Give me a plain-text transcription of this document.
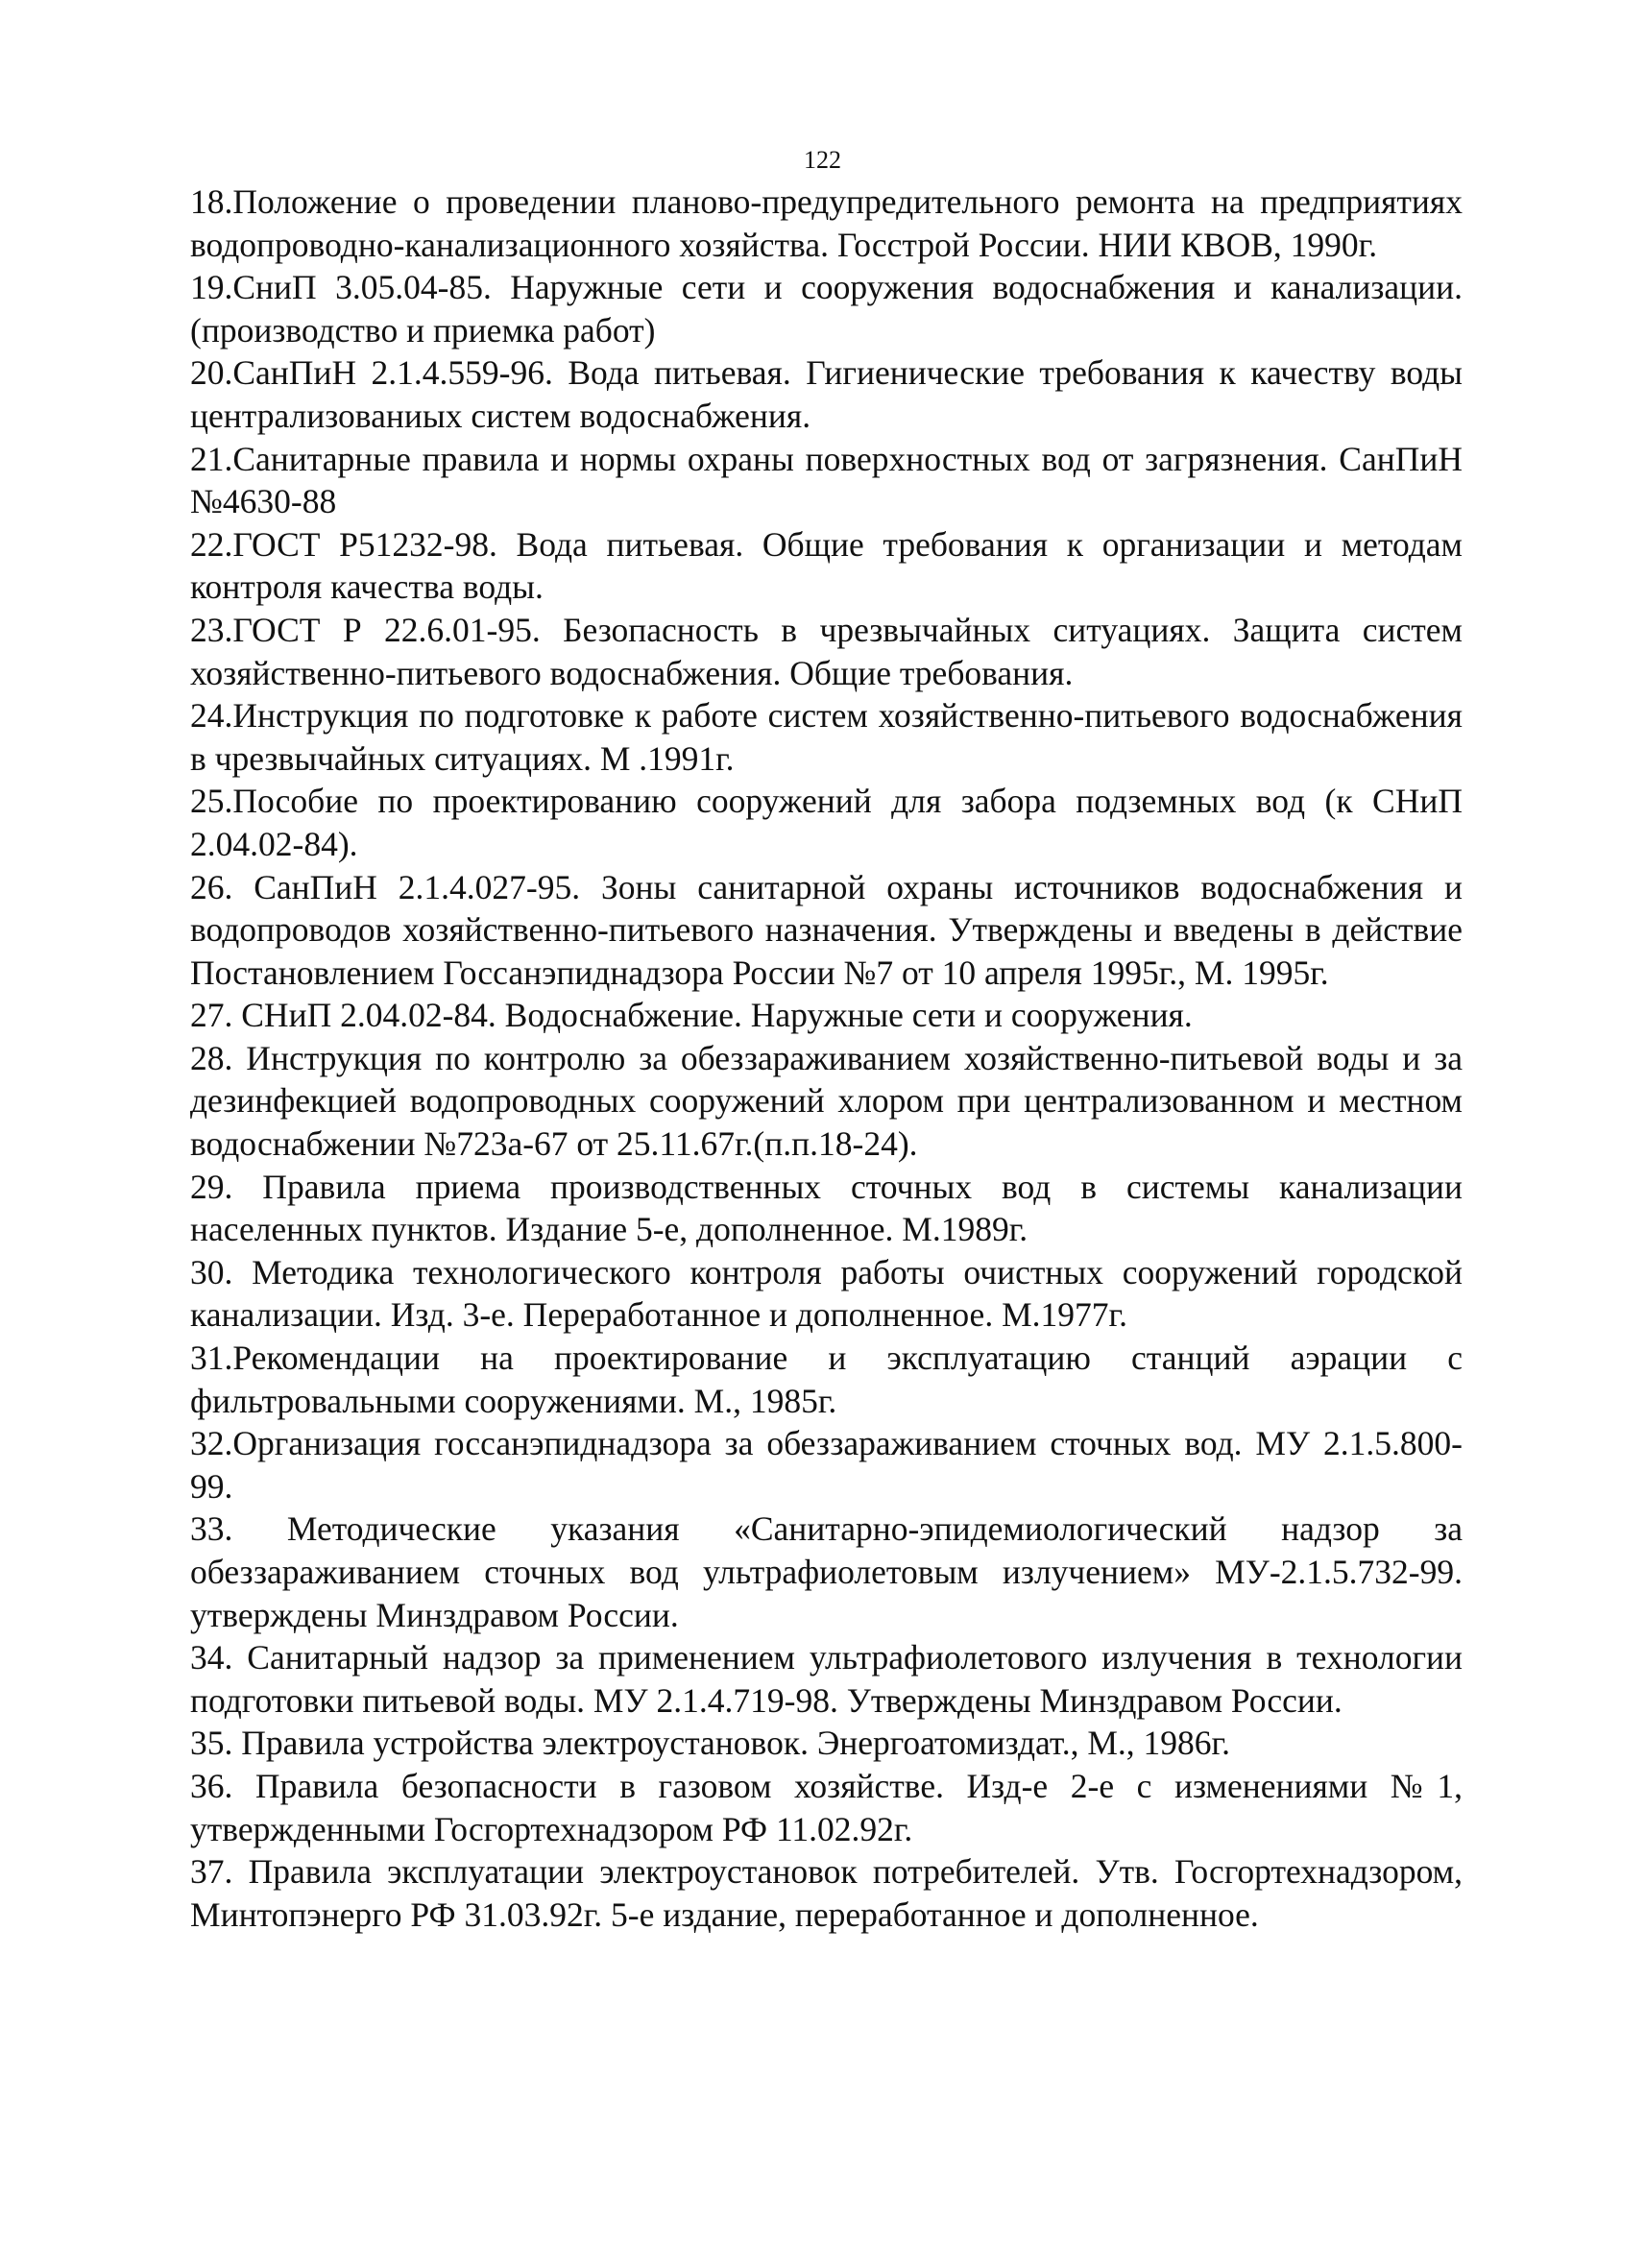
122

18.Положение о проведении планово-предупредительного ремонта на предприятиях водопроводно-канализационного хозяйства. Госстрой России. НИИ КВОВ, 1990г.

19.СниП 3.05.04-85. Наружные сети и сооружения водоснабжения и канализации. (производство и приемка работ)

20.СанПиН 2.1.4.559-96. Вода питьевая. Гигиенические требования к качеству воды централизованиых систем водоснабжения.

21.Санитарные правила и нормы охраны поверхностных вод от загрязнения. СанПиН №4630-88

22.ГОСТ Р51232-98. Вода питьевая. Общие требования к организации и методам контроля качества воды.

23.ГОСТ Р 22.6.01-95. Безопасность в чрезвычайных ситуациях. Защита систем хозяйственно-питьевого водоснабжения. Общие требования.

24.Инструкция по подготовке к работе систем хозяйственно-питьевого водоснабжения в чрезвычайных ситуациях. М .1991г.

25.Пособие по проектированию сооружений для забора подземных вод (к СНиП 2.04.02-84).

26. СанПиН 2.1.4.027-95. Зоны санитарной охраны источников водоснабжения и водопроводов хозяйственно-питьевого назначения. Утверждены и введены в действие Постановлением Госсанэпиднадзора России №7 от 10 апреля 1995г., М. 1995г.

27. СНиП 2.04.02-84. Водоснабжение. Наружные сети и сооружения.

28. Инструкция по контролю за обеззараживанием хозяйственно-питьевой воды и за дезинфекцией водопроводных сооружений хлором при централизованном и местном водоснабжении №723а-67 от 25.11.67г.(п.п.18-24).

29. Правила приема производственных сточных вод в системы канализации населенных пунктов. Издание 5-е, дополненное. М.1989г.

30. Методика технологического контроля работы очистных сооружений городской канализации. Изд. 3-е. Переработанное и дополненное. М.1977г.

31.Рекомендации на проектирование и эксплуатацию станций аэрации с фильтровальными сооружениями. М., 1985г.

32.Организация госсанэпиднадзора за обеззараживанием сточных вод. МУ 2.1.5.800-99.

33. Методические указания «Санитарно-эпидемиологический надзор за обеззараживанием сточных вод ультрафиолетовым излучением» МУ-2.1.5.732-99. утверждены Минздравом России.

34. Санитарный надзор за применением ультрафиолетового излучения в технологии подготовки питьевой воды. МУ 2.1.4.719-98. Утверждены Минздравом России.

35. Правила устройства электроустановок. Энергоатомиздат., М., 1986г.

36. Правила безопасности в газовом хозяйстве. Изд-е 2-е с изменениями №1, утвержденными Госгортехнадзором РФ 11.02.92г.

37. Правила эксплуатации электроустановок потребителей. Утв. Госгортехнадзором, Минтопэнерго РФ 31.03.92г. 5-е издание, переработанное и дополненное.
